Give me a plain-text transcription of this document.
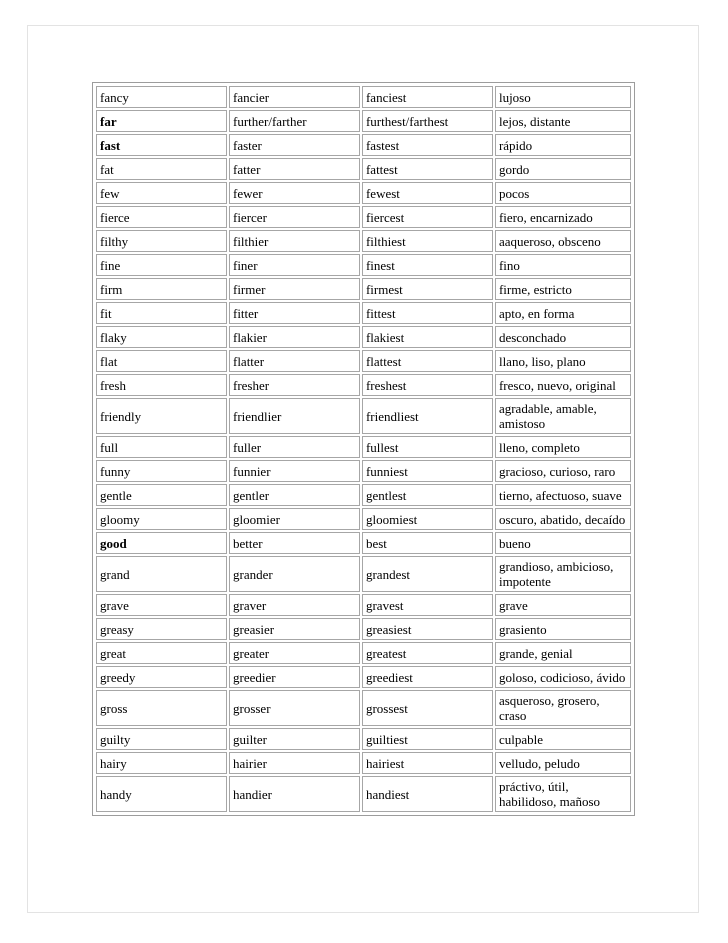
fancy	fancier	fanciest	lujoso
far	further/farther	furthest/farthest	lejos, distante
fast	faster	fastest	rápido
fat	fatter	fattest	gordo
few	fewer	fewest	pocos
fierce	fiercer	fiercest	fiero, encarnizado
filthy	filthier	filthiest	aaqueroso, obsceno
fine	finer	finest	fino
firm	firmer	firmest	firme, estricto
fit	fitter	fittest	apto, en forma
flaky	flakier	flakiest	desconchado
flat	flatter	flattest	llano, liso, plano
fresh	fresher	freshest	fresco, nuevo, original
friendly	friendlier	friendliest	agradable, amable, amistoso
full	fuller	fullest	lleno, completo
funny	funnier	funniest	gracioso, curioso, raro
gentle	gentler	gentlest	tierno, afectuoso, suave
gloomy	gloomier	gloomiest	oscuro, abatido, decaído
good	better	best	bueno
grand	grander	grandest	grandioso, ambicioso, impotente
grave	graver	gravest	grave
greasy	greasier	greasiest	grasiento
great	greater	greatest	grande, genial
greedy	greedier	greediest	goloso, codicioso, ávido
gross	grosser	grossest	asqueroso, grosero, craso
guilty	guilter	guiltiest	culpable
hairy	hairier	hairiest	velludo, peludo
handy	handier	handiest	práctivo, útil, habilidoso, mañoso
